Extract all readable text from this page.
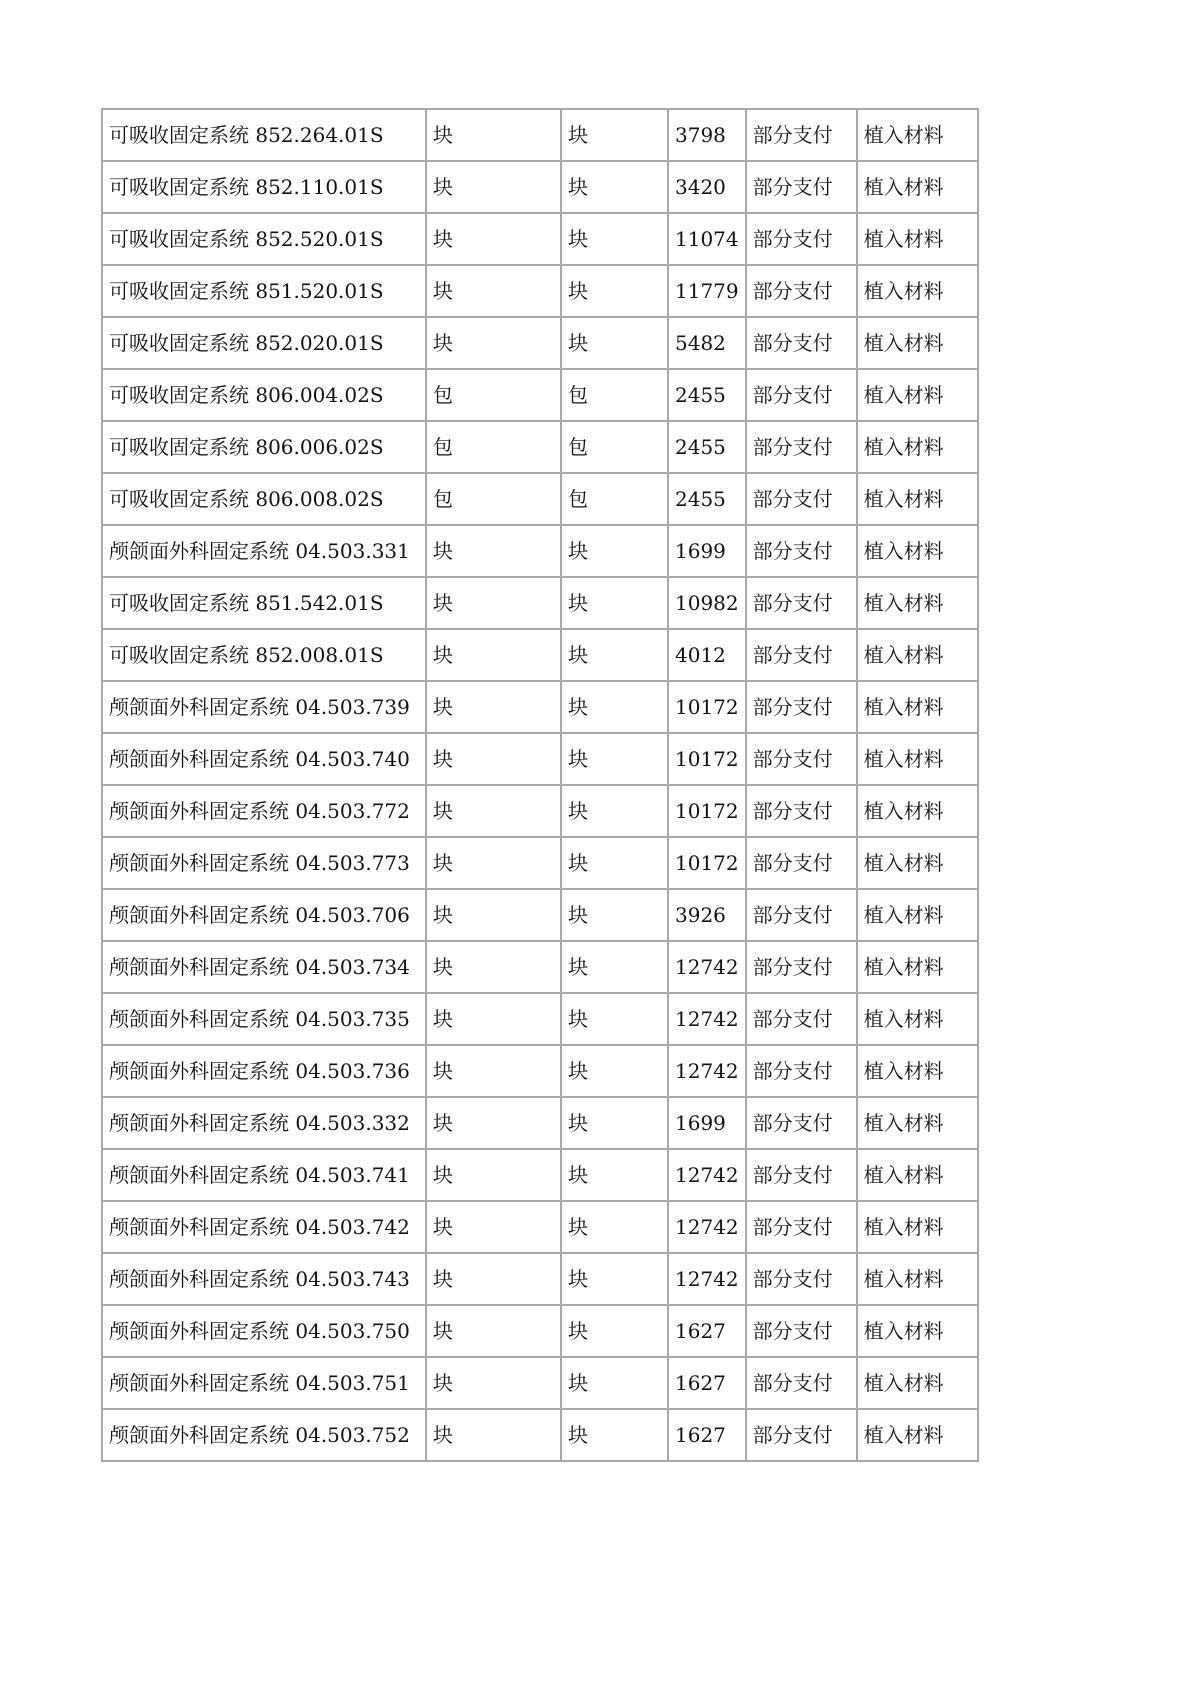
可吸收固定系统 852.264.01S	块	块	3798	部分支付	植入材料
可吸收固定系统 852.110.01S	块	块	3420	部分支付	植入材料
可吸收固定系统 852.520.01S	块	块	11074	部分支付	植入材料
可吸收固定系统 851.520.01S	块	块	11779	部分支付	植入材料
可吸收固定系统 852.020.01S	块	块	5482	部分支付	植入材料
可吸收固定系统 806.004.02S	包	包	2455	部分支付	植入材料
可吸收固定系统 806.006.02S	包	包	2455	部分支付	植入材料
可吸收固定系统 806.008.02S	包	包	2455	部分支付	植入材料
颅颌面外科固定系统 04.503.331	块	块	1699	部分支付	植入材料
可吸收固定系统 851.542.01S	块	块	10982	部分支付	植入材料
可吸收固定系统 852.008.01S	块	块	4012	部分支付	植入材料
颅颌面外科固定系统 04.503.739	块	块	10172	部分支付	植入材料
颅颌面外科固定系统 04.503.740	块	块	10172	部分支付	植入材料
颅颌面外科固定系统 04.503.772	块	块	10172	部分支付	植入材料
颅颌面外科固定系统 04.503.773	块	块	10172	部分支付	植入材料
颅颌面外科固定系统 04.503.706	块	块	3926	部分支付	植入材料
颅颌面外科固定系统 04.503.734	块	块	12742	部分支付	植入材料
颅颌面外科固定系统 04.503.735	块	块	12742	部分支付	植入材料
颅颌面外科固定系统 04.503.736	块	块	12742	部分支付	植入材料
颅颌面外科固定系统 04.503.332	块	块	1699	部分支付	植入材料
颅颌面外科固定系统 04.503.741	块	块	12742	部分支付	植入材料
颅颌面外科固定系统 04.503.742	块	块	12742	部分支付	植入材料
颅颌面外科固定系统 04.503.743	块	块	12742	部分支付	植入材料
颅颌面外科固定系统 04.503.750	块	块	1627	部分支付	植入材料
颅颌面外科固定系统 04.503.751	块	块	1627	部分支付	植入材料
颅颌面外科固定系统 04.503.752	块	块	1627	部分支付	植入材料
